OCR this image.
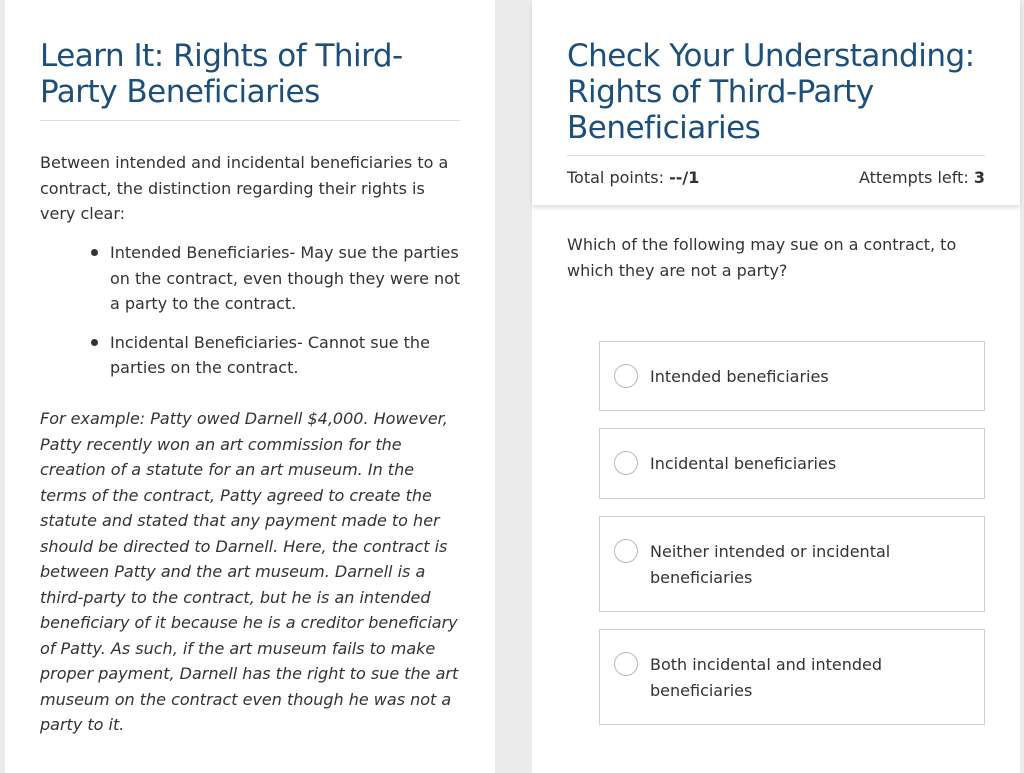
Learn It: Rights of Third-Party Beneficiaries

Between intended and incidental beneficiaries to a contract, the distinction regarding their rights is very clear:

Intended Beneficiaries- May sue the parties on the contract, even though they were not a party to the contract.
Incidental Beneficiaries- Cannot sue the parties on the contract.

For example: Patty owed Darnell $4,000. However, Patty recently won an art commission for the creation of a statute for an art museum. In the terms of the contract, Patty agreed to create the statute and stated that any payment made to her should be directed to Darnell. Here, the contract is between Patty and the art museum. Darnell is a third-party to the contract, but he is an intended beneficiary of it because he is a creditor beneficiary of Patty. As such, if the art museum fails to make proper payment, Darnell has the right to sue the art museum on the contract even though he was not a party to it.

Check Your Understanding: Rights of Third-Party Beneficiaries
Total points: --/1	Attempts left: 3

Which of the following may sue on a contract, to which they are not a party?

Intended beneficiaries
Incidental beneficiaries
Neither intended or incidental beneficiaries
Both incidental and intended beneficiaries
